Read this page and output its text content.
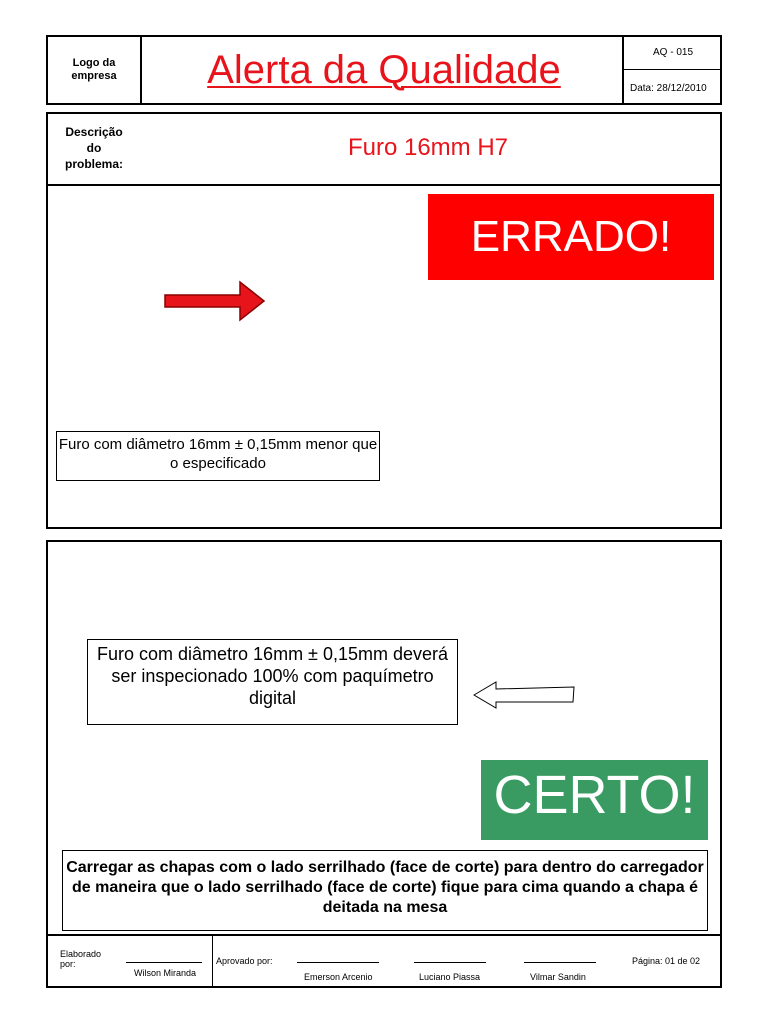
Logo da empresa Alerta da Qualidade	AQ - 015
Data: 28/12/2010
Descrição do problema:
Furo 16mm H7
ERRADO!
Furo com diâmetro 16mm ± 0,15mm menor que o especificado
Furo com diâmetro 16mm ± 0,15mm deverá ser inspecionado 100% com paquímetro digital
CERTO!
Carregar as chapas com o lado serrilhado (face de corte) para dentro do carregador de maneira que o lado serrilhado (face de corte) fique para cima quando a chapa é deitada na mesa
Elaborado por:
Wilson Miranda
Aprovado por:
Emerson Arcenio	Luciano Piassa	Vilmar Sandin
Página: 01 de 02
